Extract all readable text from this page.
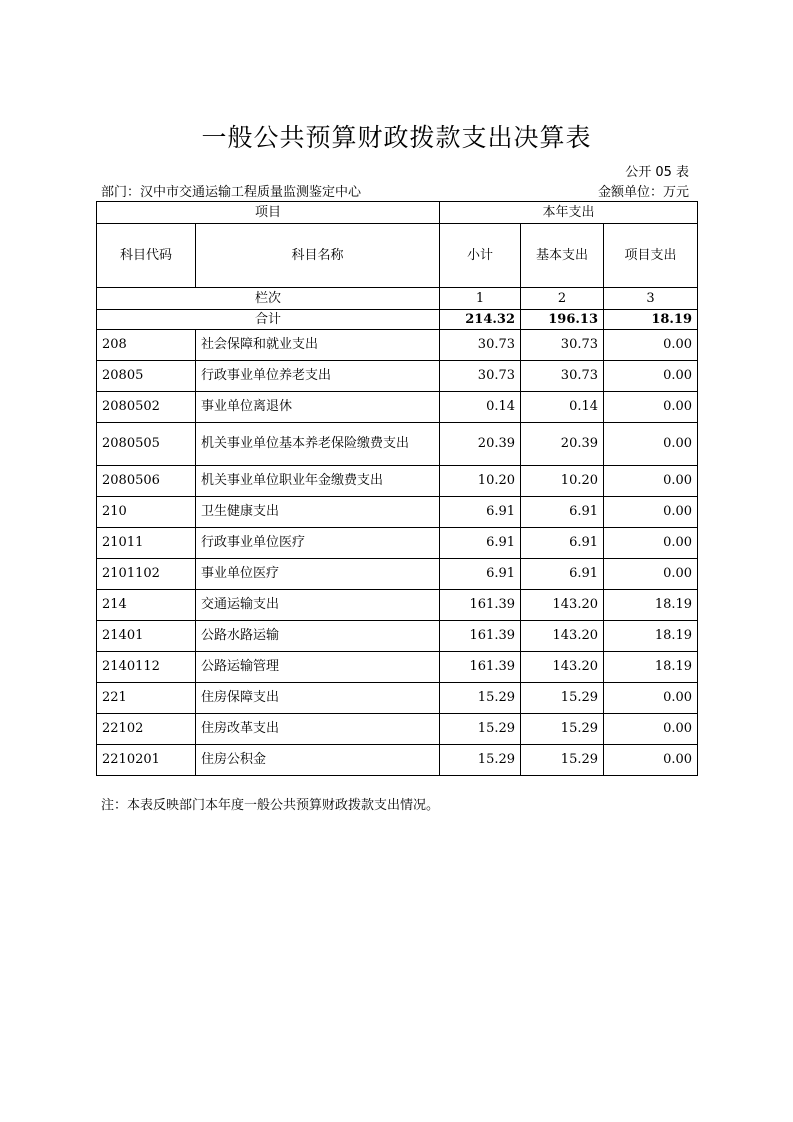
一般公共预算财政拨款支出决算表
公开 05 表
部门：汉中市交通运输工程质量监测鉴定中心	金额单位：万元
项目		本年支出		
科目代码	科目名称	小计	基本支出	项目支出
栏次		1	2	3
合计		214.32	196.13	18.19
208	社会保障和就业支出	30.73	30.73	0.00
20805	行政事业单位养老支出	30.73	30.73	0.00
2080502	事业单位离退休	0.14	0.14	0.00
2080505	机关事业单位基本养老保险缴费支出	20.39	20.39	0.00
2080506	机关事业单位职业年金缴费支出	10.20	10.20	0.00
210	卫生健康支出	6.91	6.91	0.00
21011	行政事业单位医疗	6.91	6.91	0.00
2101102	事业单位医疗	6.91	6.91	0.00
214	交通运输支出	161.39	143.20	18.19
21401	公路水路运输	161.39	143.20	18.19
2140112	公路运输管理	161.39	143.20	18.19
221	住房保障支出	15.29	15.29	0.00
22102	住房改革支出	15.29	15.29	0.00
2210201	住房公积金	15.29	15.29	0.00
注：本表反映部门本年度一般公共预算财政拨款支出情况。
